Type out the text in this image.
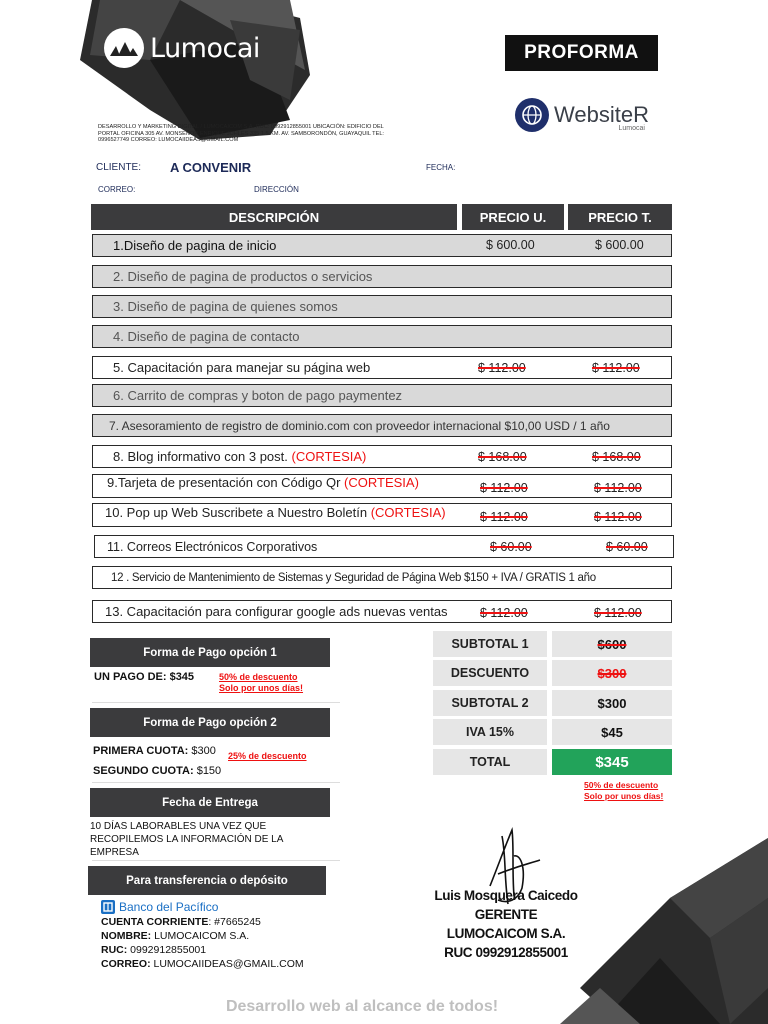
Lumocai
DESARROLLO Y MARKETING DIGITAL / LUMOCAICOM S.A. RUC: 0992912855001 UBICACIÓN: EDIFICIO DEL PORTAL OFICINA 305 AV. MONSEÑOR ENRIQUE JUHLES 335 1.5 KM. AV. SAMBORONDÓN, GUAYAQUIL TEL: 0996527749 CORREO: LUMOCAIIDEAS@GMAIL.COM
PROFORMA
WebsiteR
Lumocai
CLIENTE: A CONVENIR	FECHA:
CORREO:	DIRECCIÓN
DESCRIPCIÓN	PRECIO U.	PRECIO T.
1.Diseño de pagina de inicio	$ 600.00	$ 600.00
2. Diseño de pagina de productos o servicios
3. Diseño de pagina de quienes somos
4. Diseño de pagina de contacto
5. Capacitación para manejar su página web	$ 112.00	$ 112.00
6. Carrito de compras y boton de pago paymentez
7. Asesoramiento de registro de dominio.com con proveedor internacional $10,00 USD / 1 año
8. Blog informativo con 3 post. (CORTESIA)	$ 168.00	$ 168.00
9.Tarjeta de presentación con Código Qr (CORTESIA)	$ 112.00	$ 112.00
10. Pop up Web Suscribete a Nuestro Boletín (CORTESIA)	$ 112.00	$ 112.00
11. Correos Electrónicos Corporativos	$ 60.00	$ 60.00
12 . Servicio de Mantenimiento de Sistemas y Seguridad de Página Web $150 + IVA / GRATIS 1 año
13. Capacitación para configurar google ads nuevas ventas	$ 112.00	$ 112.00
Forma de Pago opción 1
UN PAGO DE: $345	50% de descuento
Solo por unos días!
Forma de Pago opción 2
PRIMERA CUOTA: $300
SEGUNDO CUOTA: $150
25% de descuento
Fecha de Entrega
10 DÍAS LABORABLES UNA VEZ QUE RECOPILEMOS LA INFORMACIÓN DE LA EMPRESA
Para transferencia o depósito
Banco del Pacífico
CUENTA CORRIENTE: #7665245
NOMBRE: LUMOCAICOM S.A.
RUC: 0992912855001
CORREO: LUMOCAIIDEAS@GMAIL.COM
SUBTOTAL 1	$600
DESCUENTO	$300
SUBTOTAL 2	$300
IVA 15%	$45
TOTAL	$345
50% de descuento
Solo por unos días!
Luis Mosquera Caicedo
GERENTE
LUMOCAICOM S.A.
RUC 0992912855001
Desarrollo web al alcance de todos!
